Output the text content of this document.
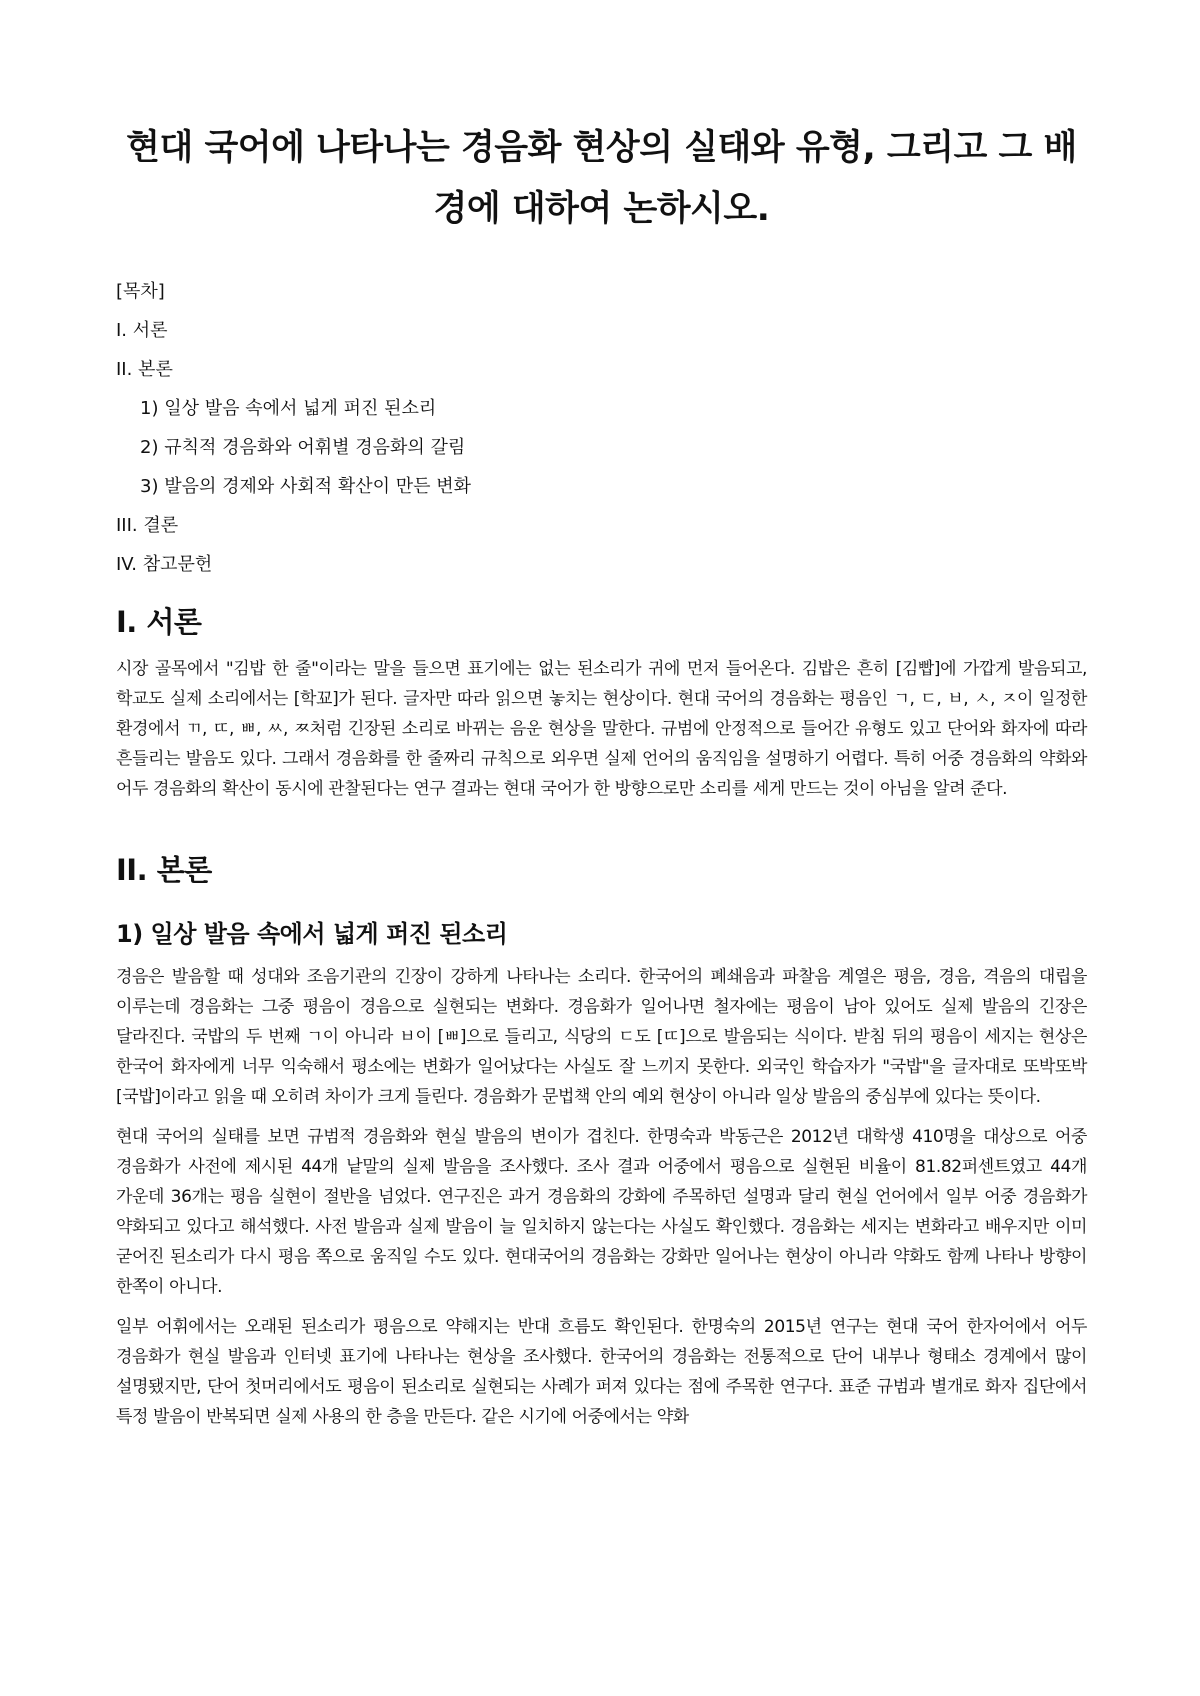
현대 국어에 나타나는 경음화 현상의 실태와 유형, 그리고 그 배경에 대하여 논하시오.
[목차]
I. 서론
II. 본론
1) 일상 발음 속에서 넓게 퍼진 된소리
2) 규칙적 경음화와 어휘별 경음화의 갈림
3) 발음의 경제와 사회적 확산이 만든 변화
III. 결론
IV. 참고문헌
I. 서론

시장 골목에서 "김밥 한 줄"이라는 말을 들으면 표기에는 없는 된소리가 귀에 먼저 들어온다. 김밥은 흔히 [김빱]에 가깝게 발음되고, 학교도 실제 소리에서는 [학꾜]가 된다. 글자만 따라 읽으면 놓치는 현상이다. 현대 국어의 경음화는 평음인 ㄱ, ㄷ, ㅂ, ㅅ, ㅈ이 일정한 환경에서 ㄲ, ㄸ, ㅃ, ㅆ, ㅉ처럼 긴장된 소리로 바뀌는 음운 현상을 말한다. 규범에 안정적으로 들어간 유형도 있고 단어와 화자에 따라 흔들리는 발음도 있다. 그래서 경음화를 한 줄짜리 규칙으로 외우면 실제 언어의 움직임을 설명하기 어렵다. 특히 어중 경음화의 약화와 어두 경음화의 확산이 동시에 관찰된다는 연구 결과는 현대 국어가 한 방향으로만 소리를 세게 만드는 것이 아님을 알려 준다.

II. 본론
1) 일상 발음 속에서 넓게 퍼진 된소리

경음은 발음할 때 성대와 조음기관의 긴장이 강하게 나타나는 소리다. 한국어의 폐쇄음과 파찰음 계열은 평음, 경음, 격음의 대립을 이루는데 경음화는 그중 평음이 경음으로 실현되는 변화다. 경음화가 일어나면 철자에는 평음이 남아 있어도 실제 발음의 긴장은 달라진다. 국밥의 두 번째 ㄱ이 아니라 ㅂ이 [ㅃ]으로 들리고, 식당의 ㄷ도 [ㄸ]으로 발음되는 식이다. 받침 뒤의 평음이 세지는 현상은 한국어 화자에게 너무 익숙해서 평소에는 변화가 일어났다는 사실도 잘 느끼지 못한다. 외국인 학습자가 "국밥"을 글자대로 또박또박 [국밥]이라고 읽을 때 오히려 차이가 크게 들린다. 경음화가 문법책 안의 예외 현상이 아니라 일상 발음의 중심부에 있다는 뜻이다.

현대 국어의 실태를 보면 규범적 경음화와 현실 발음의 변이가 겹친다. 한명숙과 박동근은 2012년 대학생 410명을 대상으로 어중 경음화가 사전에 제시된 44개 낱말의 실제 발음을 조사했다. 조사 결과 어중에서 평음으로 실현된 비율이 81.82퍼센트였고 44개 가운데 36개는 평음 실현이 절반을 넘었다. 연구진은 과거 경음화의 강화에 주목하던 설명과 달리 현실 언어에서 일부 어중 경음화가 약화되고 있다고 해석했다. 사전 발음과 실제 발음이 늘 일치하지 않는다는 사실도 확인했다. 경음화는 세지는 변화라고 배우지만 이미 굳어진 된소리가 다시 평음 쪽으로 움직일 수도 있다. 현대국어의 경음화는 강화만 일어나는 현상이 아니라 약화도 함께 나타나 방향이 한쪽이 아니다.

일부 어휘에서는 오래된 된소리가 평음으로 약해지는 반대 흐름도 확인된다. 한명숙의 2015년 연구는 현대 국어 한자어에서 어두 경음화가 현실 발음과 인터넷 표기에 나타나는 현상을 조사했다. 한국어의 경음화는 전통적으로 단어 내부나 형태소 경계에서 많이 설명됐지만, 단어 첫머리에서도 평음이 된소리로 실현되는 사례가 퍼져 있다는 점에 주목한 연구다. 표준 규범과 별개로 화자 집단에서 특정 발음이 반복되면 실제 사용의 한 층을 만든다. 같은 시기에 어중에서는 약화
